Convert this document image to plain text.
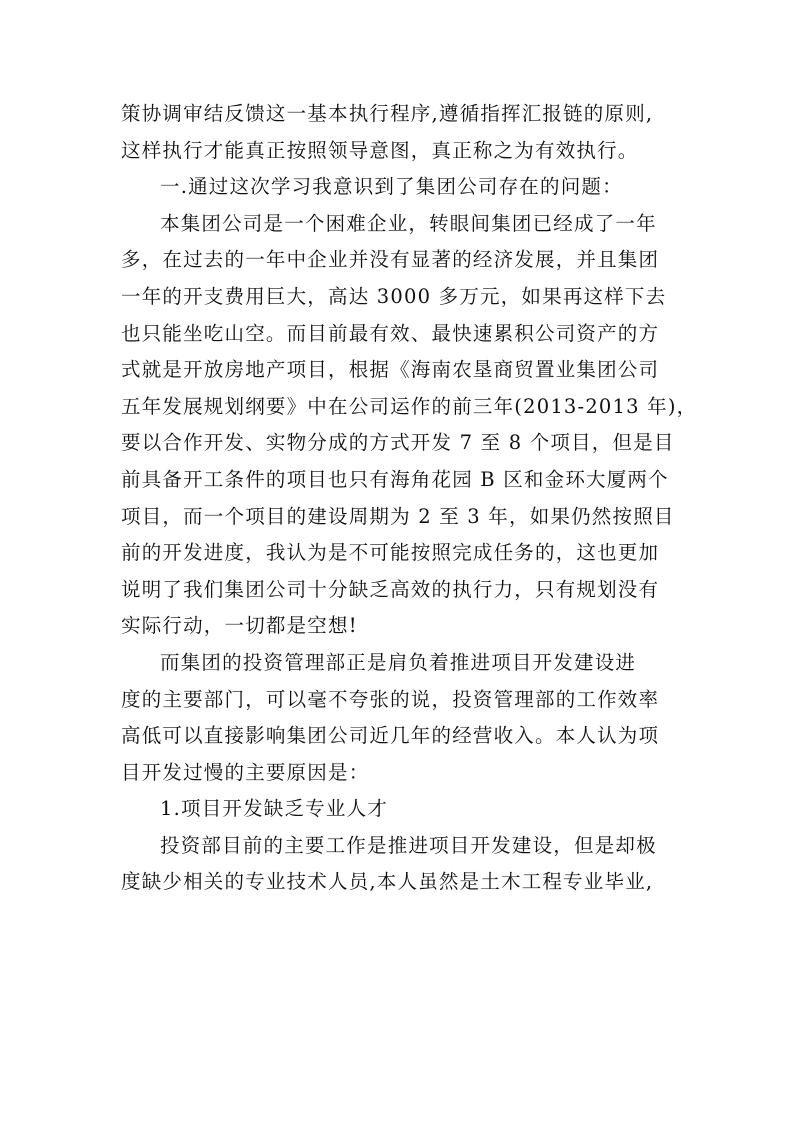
策协调审结反馈这一基本执行程序,遵循指挥汇报链的原则,
这样执行才能真正按照领导意图，真正称之为有效执行。

一.通过这次学习我意识到了集团公司存在的问题：

本集团公司是一个困难企业，转眼间集团已经成了一年
多，在过去的一年中企业并没有显著的经济发展，并且集团
一年的开支费用巨大，高达 3000 多万元，如果再这样下去
也只能坐吃山空。而目前最有效、最快速累积公司资产的方
式就是开放房地产项目，根据《海南农垦商贸置业集团公司
五年发展规划纲要》中在公司运作的前三年(2013-2013 年)，
要以合作开发、实物分成的方式开发 7 至 8 个项目，但是目
前具备开工条件的项目也只有海角花园 B 区和金环大厦两个
项目，而一个项目的建设周期为 2 至 3 年，如果仍然按照目
前的开发进度，我认为是不可能按照完成任务的，这也更加
说明了我们集团公司十分缺乏高效的执行力，只有规划没有
实际行动，一切都是空想!

而集团的投资管理部正是肩负着推进项目开发建设进
度的主要部门，可以毫不夸张的说，投资管理部的工作效率
高低可以直接影响集团公司近几年的经营收入。本人认为项
目开发过慢的主要原因是：

1.项目开发缺乏专业人才

投资部目前的主要工作是推进项目开发建设，但是却极
度缺少相关的专业技术人员,本人虽然是土木工程专业毕业,
